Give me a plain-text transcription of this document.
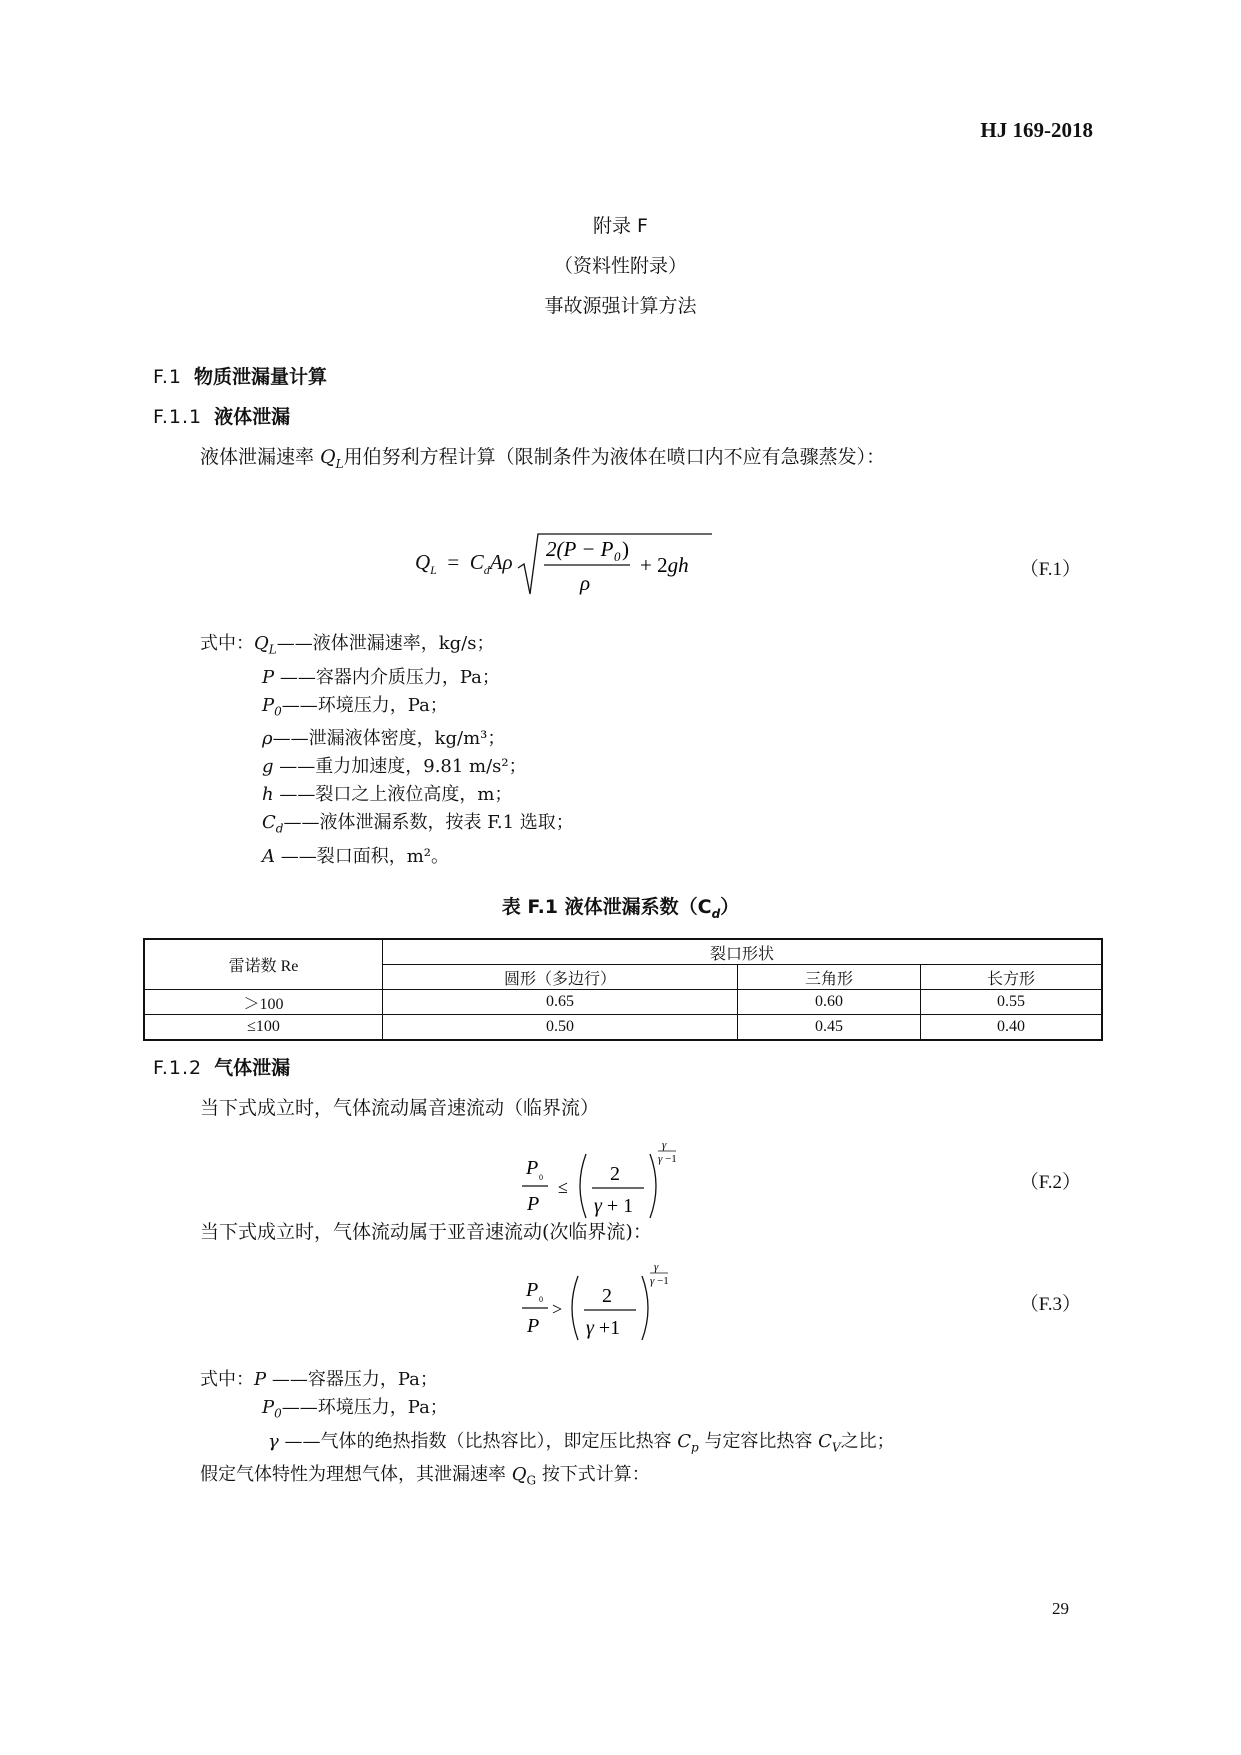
HJ 169-2018
附录 F
（资料性附录）
事故源强计算方法
F.1 物质泄漏量计算
F.1.1 液体泄漏
液体泄漏速率 $Q_L$用伯努利方程计算（限制条件为液体在喷口内不应有急骤蒸发）：
$Q_L = C_dA\rho$
2(P − P 0 )
ρ
+ 2gh	（F.1）
式中：$Q_L——$液体泄漏速率，kg/s；
P ——容器内介质压力，Pa；
$P_0——$环境压力，Pa；
ρ——泄漏液体密度，kg/m³；
g ——重力加速度，9.81 m/s²；
h ——裂口之上液位高度，m；
$C_d——$液体泄漏系数，按表 F.1 选取；
A ——裂口面积，m²。
表 F.1 液体泄漏系数$(C_d)$
雷诺数 Re	裂口形状		
	圆形（多边行）	三角形	长方形
＞100	0.65	0.60	0.55
≤100	0.50	0.45	0.40
F.1.2 气体泄漏
当下式成立时，气体流动属音速流动（临界流）
P 0
P
≤
2
γ + 1
γ
γ −1
（F.2）
当下式成立时，气体流动属于亚音速流动(次临界流)：
P 0
P
>
2
γ +1
γ
γ −1
（F.3）
式中：P ——容器压力，Pa；
$P_0——$环境压力，Pa；
γ ——气体的绝热指数（比热容比），即定压比热容 $C_p$ 与定容比热容 $C_V$之比；
假定气体特性为理想气体，其泄漏速率 $Q_G$ 按下式计算：
29
